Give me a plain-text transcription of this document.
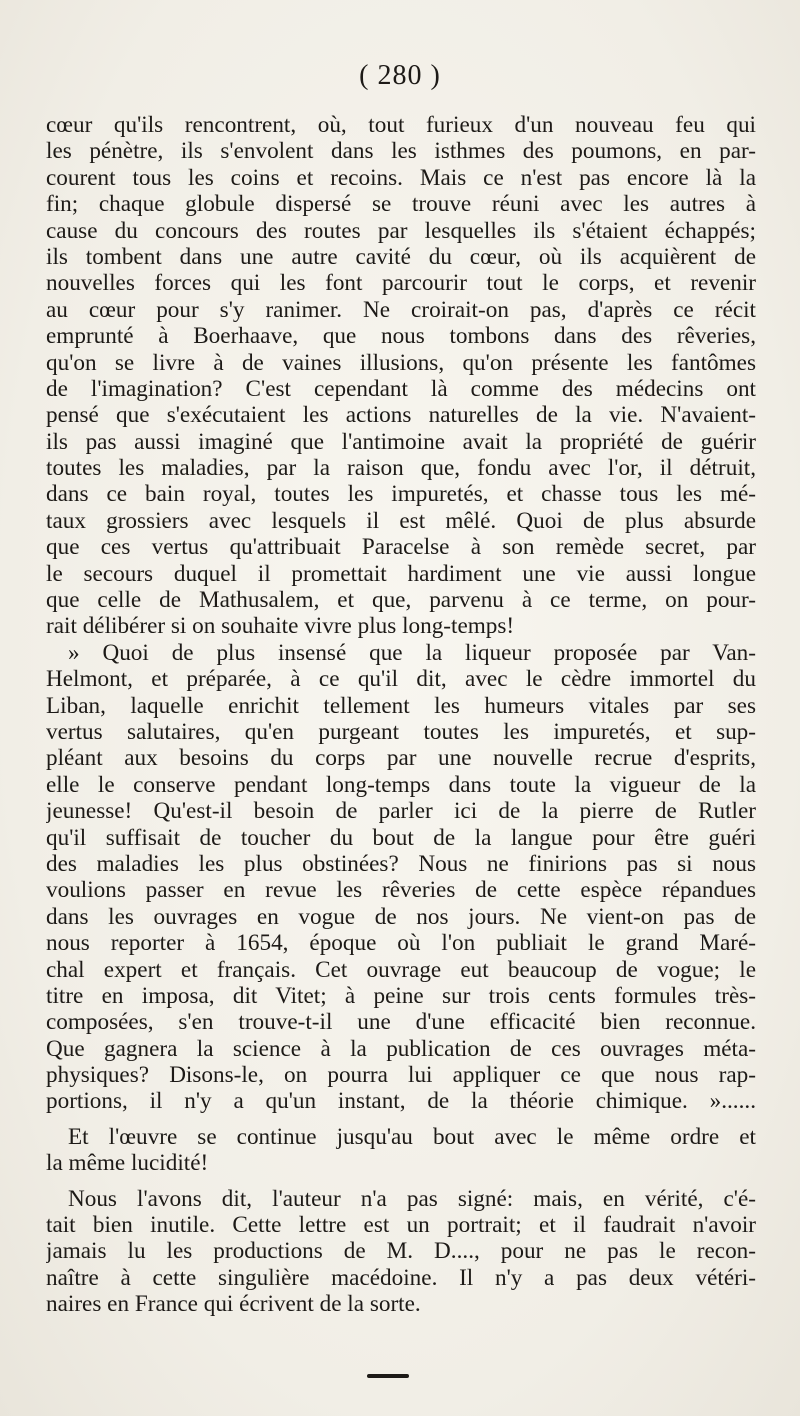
( 280 )
cœur qu'ils rencontrent, où, tout furieux d'un nouveau feu qui
les pénètre, ils s'envolent dans les isthmes des poumons, en par-
courent tous les coins et recoins. Mais ce n'est pas encore là la
fin; chaque globule dispersé se trouve réuni avec les autres à
cause du concours des routes par lesquelles ils s'étaient échappés;
ils tombent dans une autre cavité du cœur, où ils acquièrent de
nouvelles forces qui les font parcourir tout le corps, et revenir
au cœur pour s'y ranimer. Ne croirait-on pas, d'après ce récit
emprunté à Boerhaave, que nous tombons dans des rêveries,
qu'on se livre à de vaines illusions, qu'on présente les fantômes
de l'imagination? C'est cependant là comme des médecins ont
pensé que s'exécutaient les actions naturelles de la vie. N'avaient-
ils pas aussi imaginé que l'antimoine avait la propriété de guérir
toutes les maladies, par la raison que, fondu avec l'or, il détruit,
dans ce bain royal, toutes les impuretés, et chasse tous les mé-
taux grossiers avec lesquels il est mêlé. Quoi de plus absurde
que ces vertus qu'attribuait Paracelse à son remède secret, par
le secours duquel il promettait hardiment une vie aussi longue
que celle de Mathusalem, et que, parvenu à ce terme, on pour-
rait délibérer si on souhaite vivre plus long-temps!
» Quoi de plus insensé que la liqueur proposée par Van-
Helmont, et préparée, à ce qu'il dit, avec le cèdre immortel du
Liban, laquelle enrichit tellement les humeurs vitales par ses
vertus salutaires, qu'en purgeant toutes les impuretés, et sup-
pléant aux besoins du corps par une nouvelle recrue d'esprits,
elle le conserve pendant long-temps dans toute la vigueur de la
jeunesse! Qu'est-il besoin de parler ici de la pierre de Rutler
qu'il suffisait de toucher du bout de la langue pour être guéri
des maladies les plus obstinées? Nous ne finirions pas si nous
voulions passer en revue les rêveries de cette espèce répandues
dans les ouvrages en vogue de nos jours. Ne vient-on pas de
nous reporter à 1654, époque où l'on publiait le grand Maré-
chal expert et français. Cet ouvrage eut beaucoup de vogue; le
titre en imposa, dit Vitet; à peine sur trois cents formules très-
composées, s'en trouve-t-il une d'une efficacité bien reconnue.
Que gagnera la science à la publication de ces ouvrages méta-
physiques? Disons-le, on pourra lui appliquer ce que nous rap-
portions, il n'y a qu'un instant, de la théorie chimique. »......
Et l'œuvre se continue jusqu'au bout avec le même ordre et
la même lucidité!
Nous l'avons dit, l'auteur n'a pas signé: mais, en vérité, c'é-
tait bien inutile. Cette lettre est un portrait; et il faudrait n'avoir
jamais lu les productions de M. D...., pour ne pas le recon-
naître à cette singulière macédoine. Il n'y a pas deux vétéri-
naires en France qui écrivent de la sorte.
